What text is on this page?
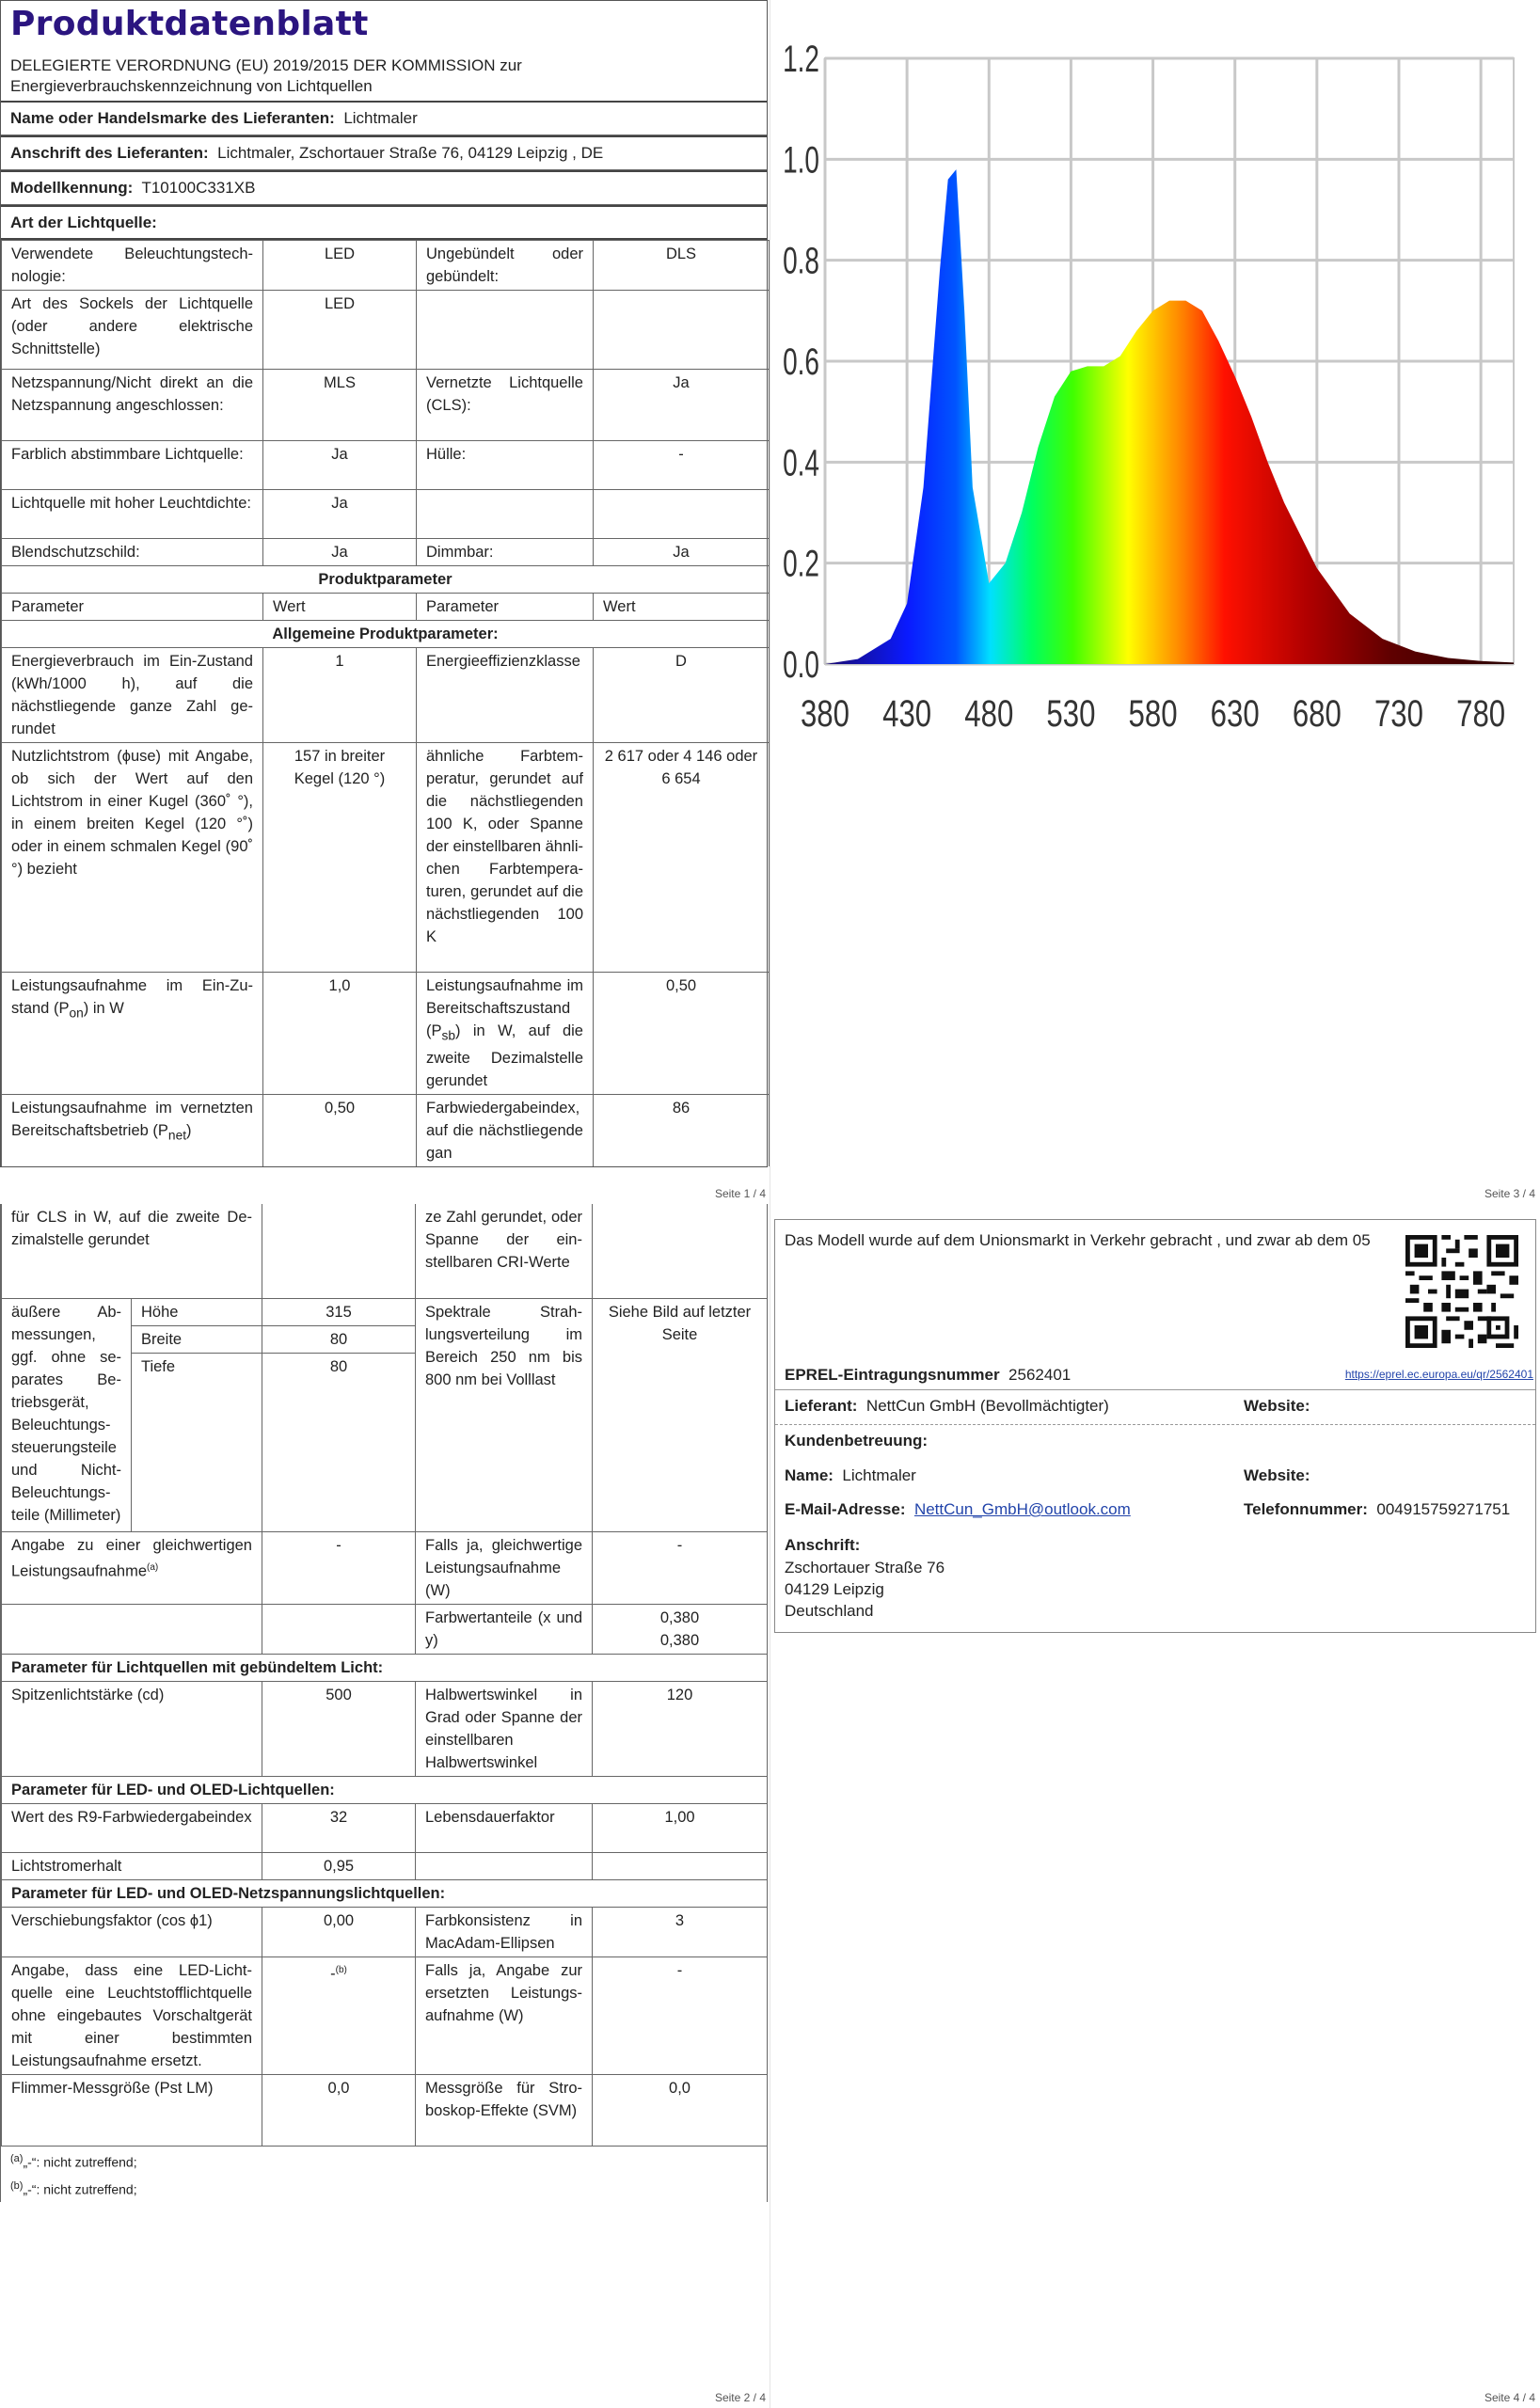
Produktdatenblatt
DELEGIERTE VERORDNUNG (EU) 2019/2015 DER KOMMISSION zur Energieverbrauchskennzeichnung von Lichtquellen
Name oder Handelsmarke des Lieferanten: Lichtmaler
Anschrift des Lieferanten: Lichtmaler, Zschortauer Straße 76, 04129 Leipzig , DE
Modellkennung: T10100C331XB
Art der Lichtquelle:
Verwendete Beleuchtungstechnologie:	LED	Ungebündelt oder gebündelt:	DLS
Art des Sockels der Lichtquelle (oder andere elektrische Schnittstelle)	LED		
Netzspannung/Nicht direkt an die Netzspannung angeschlossen:	MLS	Vernetzte Lichtquelle (CLS):	Ja
Farblich abstimmbare Lichtquelle:	Ja	Hülle:	-
Lichtquelle mit hoher Leuchtdichte:	Ja		
Blendschutzschild:	Ja	Dimmbar:	Ja
Produktparameter			
Parameter	Wert	Parameter	Wert
Allgemeine Produktparameter:			
Energieverbrauch im Ein-Zustand (kWh/1000 h), auf die nächstliegende ganze Zahl gerundet	1	Energieeffizienzklasse	D
Nutzlichtstrom (ϕuse) mit Angabe, ob sich der Wert auf den Lichtstrom in einer Kugel (360˚ °), in einem breiten Kegel (120 °˚) oder in einem schmalen Kegel (90˚ °) bezieht	157 in breiter Kegel (120 °)	ähnliche Farbtemperatur, gerundet auf die nächstliegenden 100 K, oder Spanne der einstellbaren ähnlichen Farbtemperaturen, gerundet auf die nächstliegenden 100 K	2 617 oder 4 146 oder 6 654
Leistungsaufnahme im Ein-Zustand $(P_{on})$ in W	1,0	Leistungsaufnahme im Bereitschaftszustand $(P_{sb})$ in W, auf die zweite Dezimalstelle gerundet	0,50
Leistungsaufnahme im vernetzten Bereitschaftsbetrieb $(P_{net})$	0,50	Farbwiedergabeindex, auf die nächstliegende gan	86
Seite 1 / 4
0.0
0.2
0.4
0.6
0.8
1.0
1.2
380 430 480 530 580 630 680 730 780
Seite 3 / 4
für CLS in W, auf die zweite Dezimalstelle gerundet			ze Zahl gerundet, oder Spanne der einstellbaren CRI-Werte	
äußere Abmessungen, ggf. ohne separates Betriebsgerät, Beleuchtungssteuerungsteile und Nicht-Beleuchtungsteile (Millimeter)	Höhe	315	Spektrale Strahlungsverteilung im Bereich 250 nm bis 800 nm bei Volllast	Siehe Bild auf letzter Seite
	Breite	80		
	Tiefe	80		
Angabe zu einer gleichwertigen Leistungsaufnahme$^{(a)}$		-	Falls ja, gleichwertige Leistungsaufnahme (W)	-
			Farbwertanteile (x und y)	0,380
0,380

Parameter für Lichtquellen mit gebündeltem Licht:				
Spitzenlichtstärke (cd)		500	Halbwertswinkel in Grad oder Spanne der einstellbaren Halbwertswinkel	120
Parameter für LED- und OLED-Lichtquellen:				
Wert des R9-Farbwiedergabeindex		32	Lebensdauerfaktor	1,00
Lichtstromerhalt		0,95		
Parameter für LED- und OLED-Netzspannungslichtquellen:				
Verschiebungsfaktor (cos ϕ1)		0,00	Farbkonsistenz in MacAdam-Ellipsen	3
Angabe, dass eine LED-Lichtquelle eine Leuchtstofflichtquelle ohne eingebautes Vorschaltgerät mit einer bestimmten Leistungsaufnahme ersetzt.		-$^{(b)}$	Falls ja, Angabe zur ersetzten Leistungsaufnahme (W)	-
Flimmer-Messgröße (Pst LM)		0,0	Messgröße für Stroboskop-Effekte (SVM)	0,0
$^{(a)}$„-“: nicht zutreffend;
$^{(b)}$„-“: nicht zutreffend;
Seite 2 / 4
Das Modell wurde auf dem Unionsmarkt in Verkehr gebracht , und zwar ab dem 05
EPREL-Eintragungsnummer 2562401	https://eprel.ec.europa.eu/qr/2562401
Lieferant: NettCun GmbH (Bevollmächtigter)	Website:
Kundenbetreuung:
Name: Lichtmaler	Website:
E-Mail-Adresse: NettCun_GmbH@outlook.com	Telefonnummer: 004915759271751
Anschrift:
Zschortauer Straße 76
04129 Leipzig
Deutschland
Seite 4 / 4
